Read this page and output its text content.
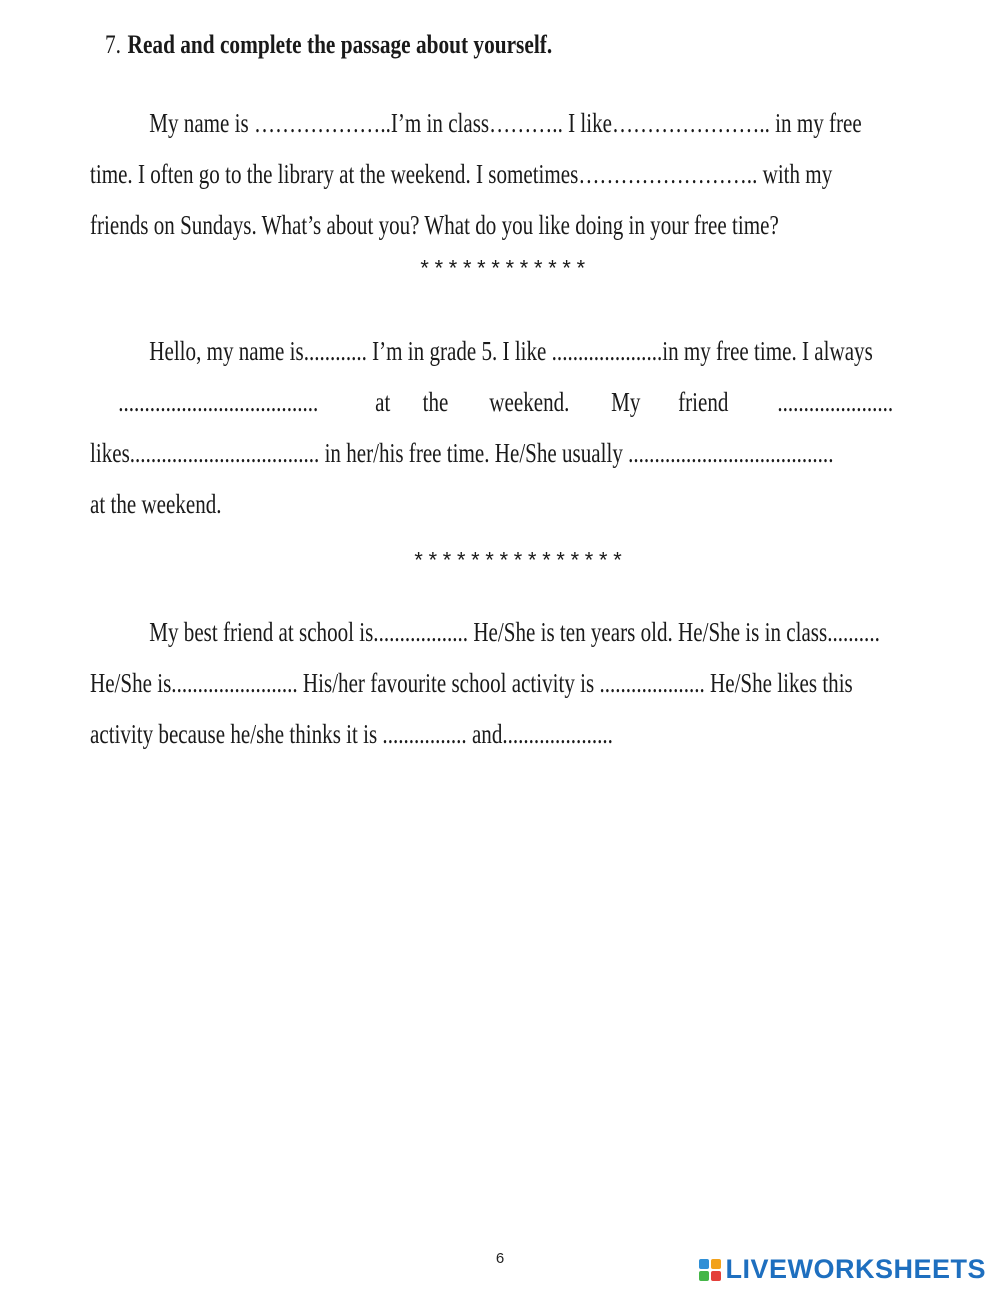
7. Read and complete the passage about yourself.
My name is ………………..I’m in class……….. I like………………….. in my free
time. I often go to the library at the weekend. I sometimes…………………….. with my
friends on Sundays. What’s about you? What do you like doing in your free time?
************
Hello, my name is............ I’m in grade 5. I like .....................in my free time. I always
...................................... at the weekend. My friend ......................
likes.................................... in her/his free time. He/She usually .......................................
at the weekend.
***************
My best friend at school is.................. He/She is ten years old. He/She is in class..........
He/She is........................ His/her favourite school activity is .................... He/She likes this
activity because he/she thinks it is ................ and.....................
6	LIVEWORKSHEETS
